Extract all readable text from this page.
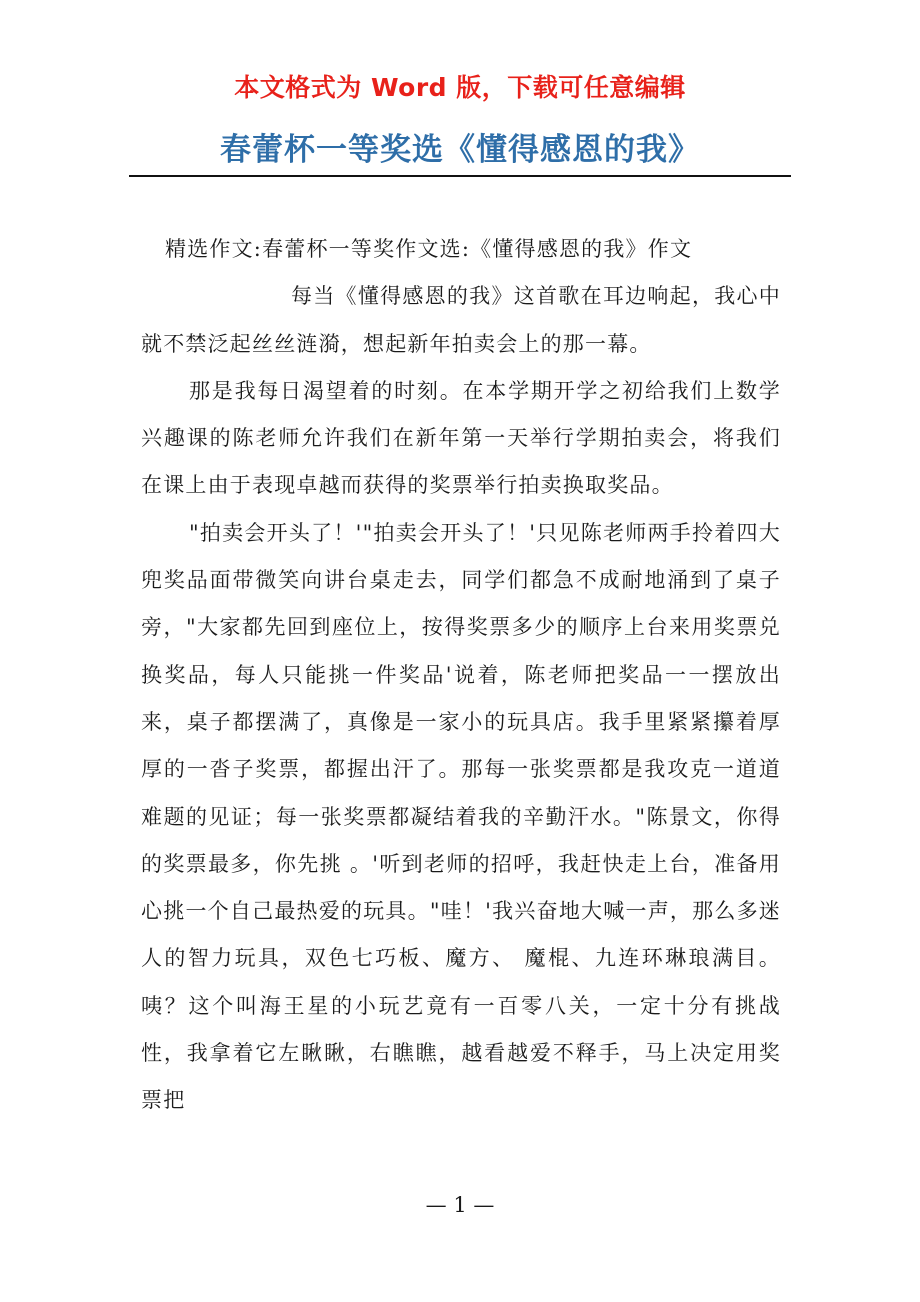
本文格式为 Word 版，下载可任意编辑
春蕾杯一等奖选《懂得感恩的我》

精选作文:春蕾杯一等奖作文选:《懂得感恩的我》作文

每当《懂得感恩的我》这首歌在耳边响起，我心中就不禁泛起丝丝涟漪，想起新年拍卖会上的那一幕。

那是我每日渴望着的时刻。在本学期开学之初给我们上数学兴趣课的陈老师允许我们在新年第一天举行学期拍卖会，将我们在课上由于表现卓越而获得的奖票举行拍卖换取奖品。

"拍卖会开头了！'"拍卖会开头了！'只见陈老师两手拎着四大兜奖品面带微笑向讲台桌走去，同学们都急不成耐地涌到了桌子旁，"大家都先回到座位上，按得奖票多少的顺序上台来用奖票兑换奖品，每人只能挑一件奖品'说着，陈老师把奖品一一摆放出来，桌子都摆满了，真像是一家小的玩具店。我手里紧紧攥着厚厚的一沓子奖票，都握出汗了。那每一张奖票都是我攻克一道道难题的见证；每一张奖票都凝结着我的辛勤汗水。"陈景文，你得的奖票最多，你先挑 。'听到老师的招呼，我赶快走上台，准备用心挑一个自己最热爱的玩具。"哇！'我兴奋地大喊一声，那么多迷人的智力玩具，双色七巧板、魔方、 魔棍、九连环琳琅满目。咦？这个叫海王星的小玩艺竟有一百零八关，一定十分有挑战性，我拿着它左瞅瞅，右瞧瞧，越看越爱不释手，马上决定用奖票把

— 1 —
